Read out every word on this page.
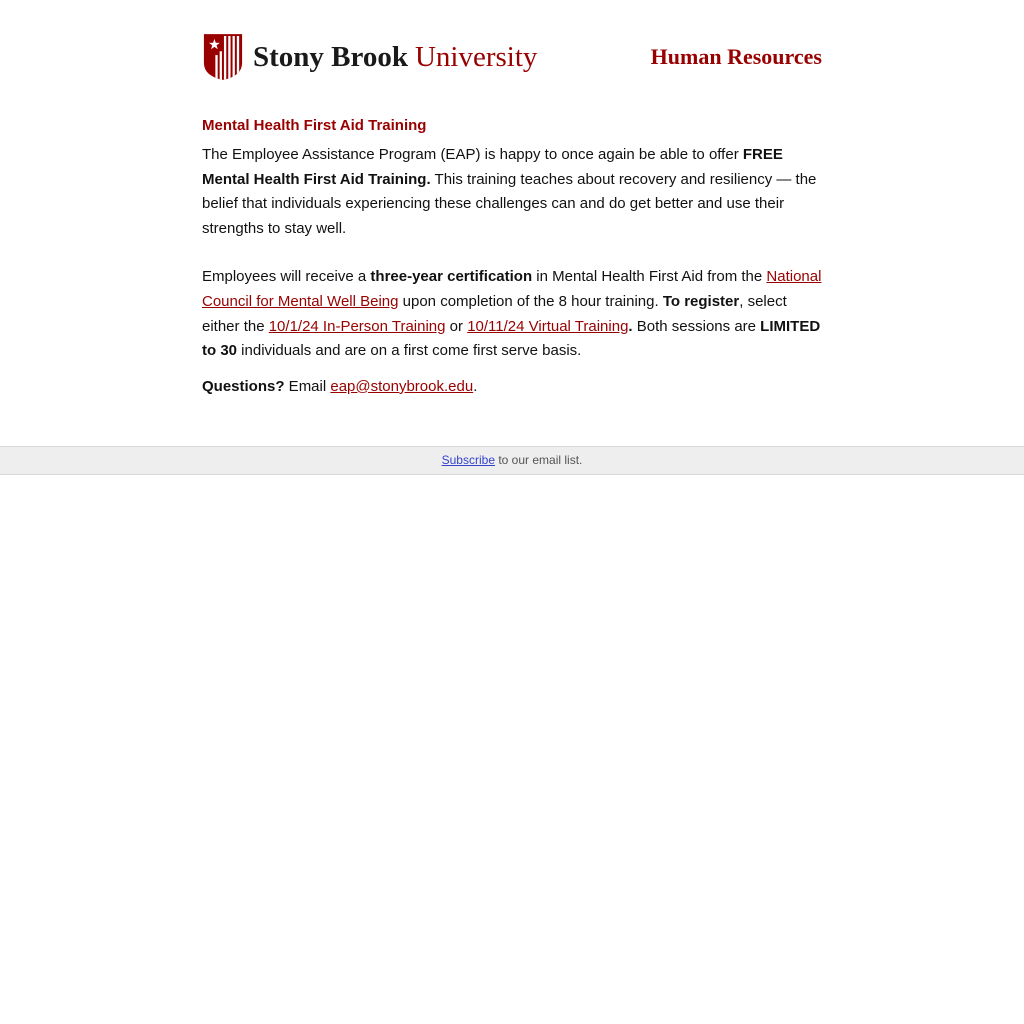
Stony Brook University	Human Resources
Mental Health First Aid Training

The Employee Assistance Program (EAP) is happy to once again be able to offer FREE Mental Health First Aid Training. This training teaches about recovery and resiliency — the belief that individuals experiencing these challenges can and do get better and use their strengths to stay well.

Employees will receive a three-year certification in Mental Health First Aid from the National Council for Mental Well Being upon completion of the 8 hour training. To register, select either the 10/1/24 In-Person Training or 10/11/24 Virtual Training. Both sessions are LIMITED to 30 individuals and are on a first come first serve basis.

Questions? Email eap@stonybrook.edu.

Subscribe to our email list.
